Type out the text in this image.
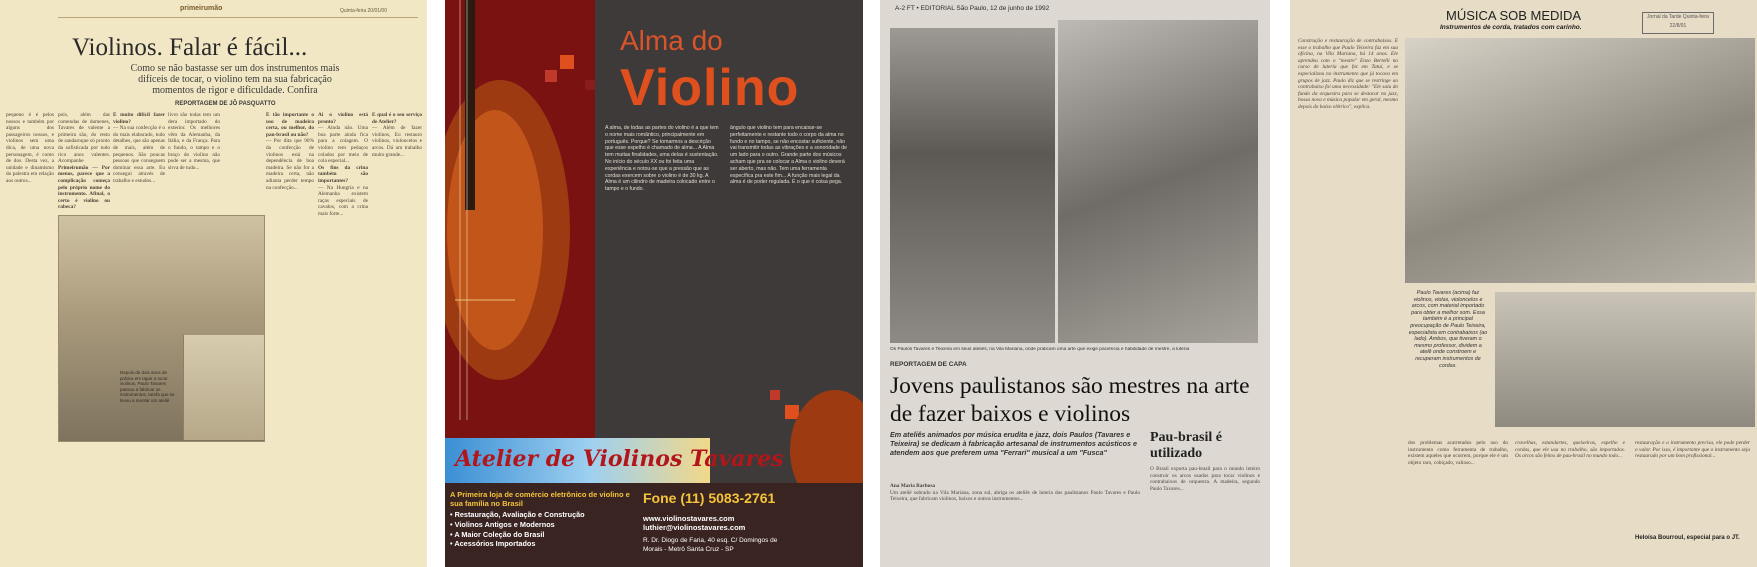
primeirumão	Quinta-feira 20/01/00
Violinos. Falar é fácil...
Como se não bastasse ser um dos instrumentos mais difíceis de tocar, o violino tem na sua fabricação momentos de rigor e dificuldade. Confira
REPORTAGEM DE JÔ PASQUATTO
pequeno é é pelos nossos e também por alguns dos passageiros nossos, e violinos sem uma dica, de uma nova personagem, é como de dos. Desta vez, a unidade e dinamismo do palestra em relação aos outros...
pois, além das comendas de dumenes, Tavares de valente a primeira são, do resto de sandaroque só pronto da sofisticada por tudo rico anos valentes. Acompanhe
Primeirumão — Por menos, parece que a complicação começa pelo próprio nome do instrumento. Afinal, o certo é violino ou rabeca?
É muito difícil fazer violino?
— Na sua confecção é o do mais elaborado, tudo detalhes, que são apenas de mais, além de pequenos. São poucas pessoas que conseguem dominar essa arte. Eu consegui através de trabalho e estudos...
livro são todas tem um dera importado do exterior. Os melhores vêm da Alemanha, da Itália, e da França. Para o fundo, o tampo e o braço do violino não pode ser a mesma, que sirva de tudo...
Depois de dois anos de prática em tapar a tocar violinos, Paulo Tavares passou a fabricar os instrumentos, tarefa que se levou a montar um ateliê
É tão importante o uso de madeira certa, ou melhor, do pau-brasil ou não?
— Por dita que 90% da confecção de violinos está na dependência de boa madeira. Se não for a madeira certa, não adianta perder tempo na confecção...
Ai o violino está pronto?
— Ainda não. Uma boa parte ainda fica para a colagem. O violino tem pedaços colados por meio de cola especial...
Os fins da crina também são importantes?
— Na Hungria e na Alemanha existem raças especiais de cavalos, com a crina mais forte...
E qual é o seu serviço de Atelier?
— Além de fazer violinos, Eu restauro violinos, violoncelos e arcos. Dá um trabalho muito grande...
Alma do
Violino
A alma, de todas as partes do violino é a que tem o nome mais romântico, principalmente em português. Porque? Se tomarmos a descrição que esse espelho é chamado de alma... A Alma tem muitas finalidades, uma delas é sustentação. No início do século XX ou foi feita uma experiência e notou-se que a pressão que as cordas exercem sobre o violino é de 30 kg. A Alma é um cilindro de madeira colocado entre o tampo e o fundo.
ângulo que violino tem para encaixar-se perfeitamente e restante todo o corpo da alma no fundo e no tampo, se não encostar suficiente, não vai transmitir todas as vibrações e a sonoridade de um lado para o outro. Grande parte dos músicos acham que pra se colocar a Alma o violino deverá ser aberto, mas não. Tem uma ferramenta específica pra este fim... A função mais legal da alma é de poder regulada. É o que é coisa pega.
Atelier de Violinos Tavares
A Primeira loja de comércio eletrônico de violino e sua família no Brasil
• Restauração, Avaliação e Construção
• Violinos Antigos e Modernos
• A Maior Coleção do Brasil
• Acessórios Importados
Fone (11) 5083-2761
www.violinostavares.com
luthier@violinostavares.com
R. Dr. Diogo de Faria, 40 esq. C/ Domingos de Morais - Metrô Santa Cruz - SP
A-2 FT • EDITORIAL São Paulo, 12 de junho de 1992
Os Paulos Tavares e Teixeira em seus ateliês, na Vila Mariana, onde praticam uma arte que exige paciência e habilidade de mestre, a luteria
REPORTAGEM DE CAPA
Jovens paulistanos são mestres na arte de fazer baixos e violinos
Em ateliês animados por música erudita e jazz, dois Paulos (Tavares e Teixeira) se dedicam à fabricação artesanal de instrumentos acústicos e atendem aos que preferem uma "Ferrari" musical a um "Fusca"
Ana Maria Barbosa
Um ateliê sobrado na Vila Mariana, zona sul, abriga os ateliês de luteria dos paulistanos Paulo Tavares e Paulo Teixeira, que fabricam violinos, baixos e outros instrumentos...
Pau-brasil é utilizado
O Brasil exporta pau-brasil para o mundo inteiro construir os arcos usados para tocar violinos e contrabaixos de orquestra. A madeira, segundo Paulo Tavares...
MÚSICA SOB MEDIDA
Instrumentos de corda, tratados com carinho.
Jornal da Tarde Quinta-feira 22/8/91
Construção e restauração de contrabaixos. É esse o trabalho que Paulo Teixeira faz em sua oficina, na Vila Mariana, há 14 anos. Ele aprendeu com o "mestre" Enzo Bertelli no curso de luteria que fez em Tatuí, e se especializou no instrumento que já tocava em grupos de jazz. Paulo diz que se restringe ao contrabaixo foi uma necessidade: "Ele saiu do fundo da orquestra para se destacar no jazz, bossa nova e música popular em geral, mesmo depois do baixo elétrico", explica.
Paulo Tavares (acima) faz violinos, violas, violoncelos e arcos, com material importado para obter a melhor som. Essa também é a principal preocupação de Paulo Teixeira, especialista em contrabaixos (ao lado). Ambos, que tiveram o mesmo professor, dividem a atelê onde constroem e recuperam instrumentos de cordas.
dos problemas acarretados pelo uso do instrumento como ferramenta de trabalho, existem aqueles que ocorrem, porque ele é um objeto raro, cobiçado, valioso...
cravelhas, estandartes, queixeiras, espelho e cordas, que ele usa no trabalho, são importados. Os arcos são feitos de pau-brasil no mundo todo...
restauração e o instrumento precisa, ele pode perder o valor. Por isso, é importante que o instrumento seja restaurado por um bom profissional...
Heloísa Bourroul, especial para o JT.
